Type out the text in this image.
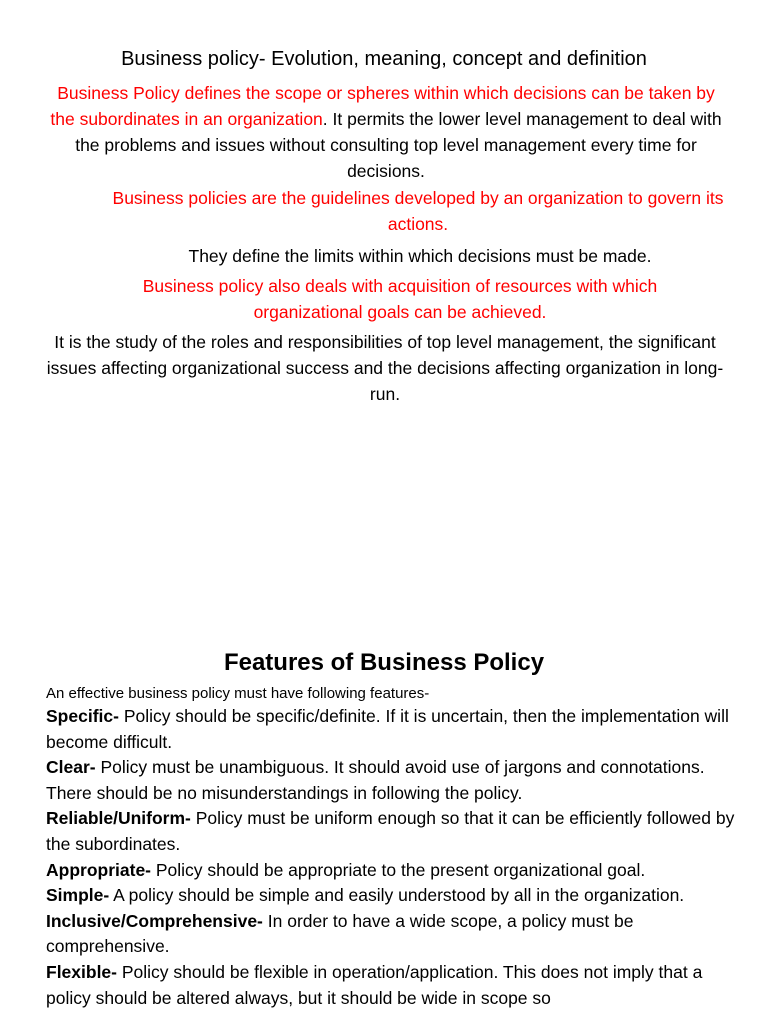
Business policy- Evolution, meaning, concept and definition
Business Policy defines the scope or spheres within which decisions can be taken by the subordinates in an organization. It permits the lower level management to deal with the problems and issues without consulting top level management every time for decisions.
Business policies are the guidelines developed by an organization to govern its actions.
They define the limits within which decisions must be made.
Business policy also deals with acquisition of resources with which organizational goals can be achieved.
It is the study of the roles and responsibilities of top level management, the significant issues affecting organizational success and the decisions affecting organization in long-run.
Features of Business Policy
An effective business policy must have following features-

Specific- Policy should be specific/definite. If it is uncertain, then the implementation will become difficult.

Clear- Policy must be unambiguous. It should avoid use of jargons and connotations. There should be no misunderstandings in following the policy.

Reliable/Uniform- Policy must be uniform enough so that it can be efficiently followed by the subordinates.

Appropriate- Policy should be appropriate to the present organizational goal.

Simple- A policy should be simple and easily understood by all in the organization.

Inclusive/Comprehensive- In order to have a wide scope, a policy must be comprehensive.

Flexible- Policy should be flexible in operation/application. This does not imply that a policy should be altered always, but it should be wide in scope so
